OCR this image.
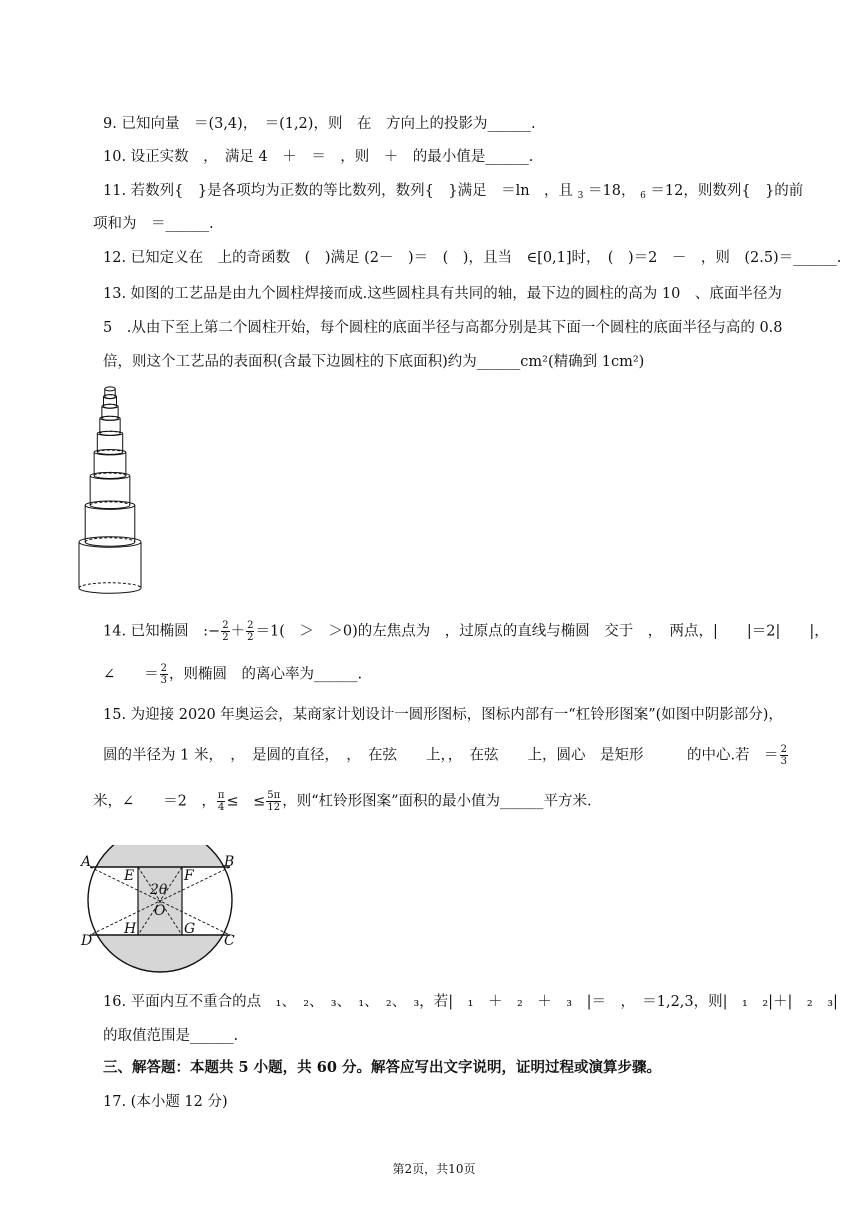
9. 已知向量　＝(3,4)，　＝(1,2)，则　在　方向上的投影为______.
10. 设正实数　，　满足 4　＋　＝　，则　＋　的最小值是______.
11. 若数列{　}是各项均为正数的等比数列，数列{　}满足　＝ln　，且 $_3$ ＝18， $_6$ ＝12，则数列{　}的前
项和为　＝______.
12. 已知定义在　上的奇函数　(　)满足 (2－　)＝　(　)，且当　∈[0,1]时，　(　)＝2　－　，则　(2.5)＝______.
13. 如图的工艺品是由九个圆柱焊接而成.这些圆柱具有共同的轴，最下边的圆柱的高为 10　、底面半径为
5　.从由下至上第二个圆柱开始，每个圆柱的底面半径与高都分别是其下面一个圆柱的底面半径与高的 0.8
倍，则这个工艺品的表面积(含最下边圆柱的下底面积)约为______cm²(精确到 1cm²)
14. 已知椭圆　:− $\frac{2}{2} + \frac{2}{2} =1$(　＞　＞0)的左焦点为　，过原点的直线与椭圆　交于　，　两点，|　　|＝2|　　|，
∠　　＝ $\frac{2}{3}$ ，则椭圆　的离心率为______.
15. 为迎接 2020 年奥运会，某商家计划设计一圆形图标，图标内部有一“杠铃形图案”(如图中阴影部分)，
圆的半径为 1 米，　，　是圆的直径，　，　在弦　　上，，　在弦　　上，圆心　是矩形　　　的中心.若　＝ $\frac{2}{3}$
米，∠　　＝2　， $\frac{\pi}{4}$ ≤　≤ $\frac{5\pi}{12}$ ，则“杠铃形图案”面积的最小值为______平方米.
A	B
C
D
E	F
G
H
O
2θ
16. 平面内互不重合的点　₁、　₂、　₃、　₁、　₂、　₃，若|　₁　＋　₂　＋　₃　|＝　，　＝1,2,3，则|　₁　₂|＋|　₂　₃|
的取值范围是______.
三、解答题：本题共 5 小题，共 60 分。解答应写出文字说明，证明过程或演算步骤。
17. (本小题 12 分)
第2页，共10页
